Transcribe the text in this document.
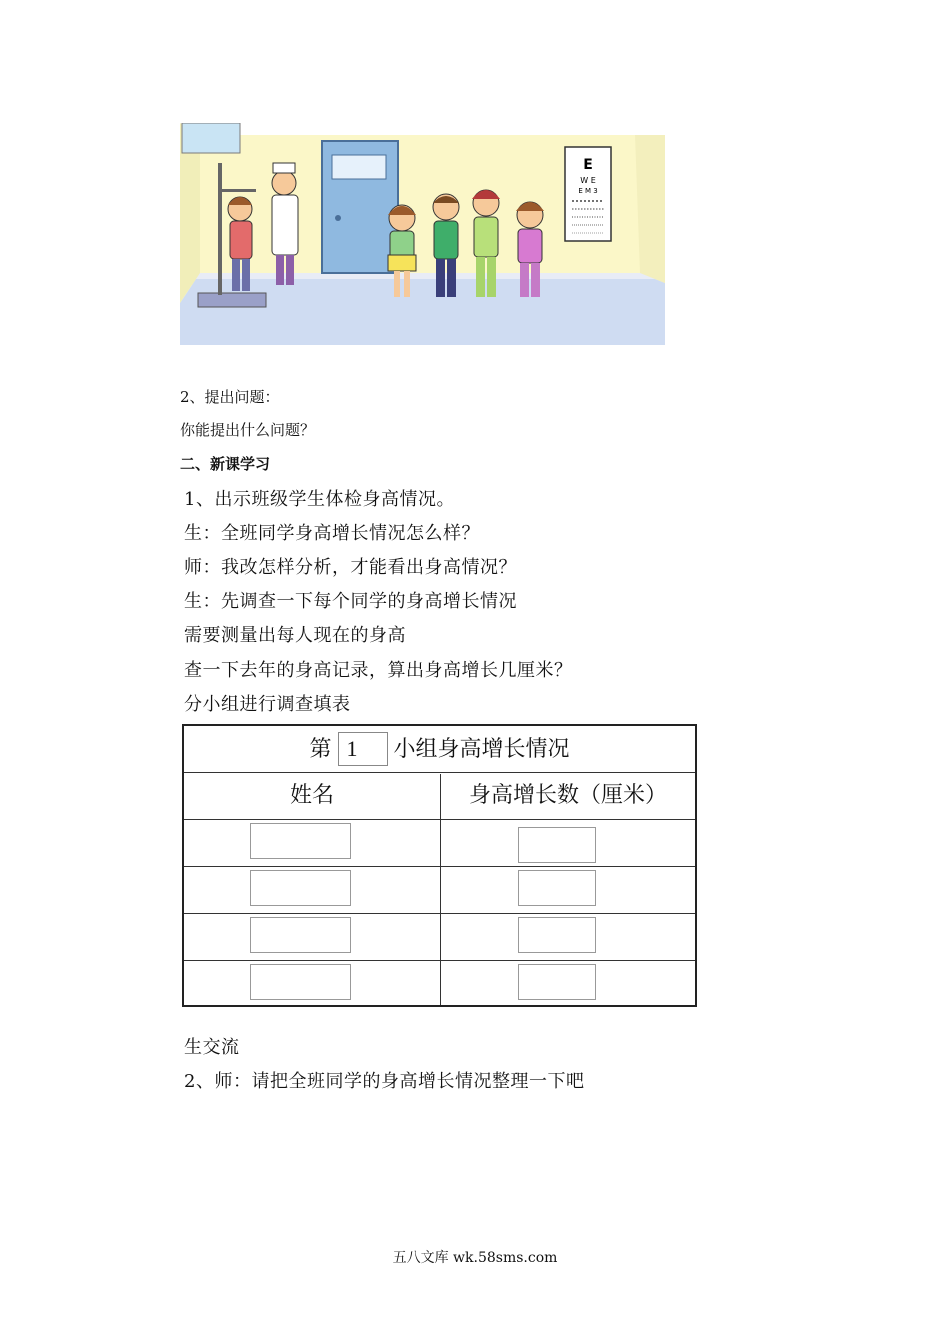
E
W E
E M 3
2、提出问题：
你能提出什么问题？
二、新课学习
1、出示班级学生体检身高情况。
生：全班同学身高增长情况怎么样？
师：我改怎样分析，才能看出身高情况？
生：先调查一下每个同学的身高增长情况
需要测量出每人现在的身高
查一下去年的身高记录，算出身高增长几厘米？
分小组进行调查填表
第 1 小组身高增长情况
姓名	身高增长数（厘米）
生交流
2、师：请把全班同学的身高增长情况整理一下吧
五八文库 wk.58sms.com
